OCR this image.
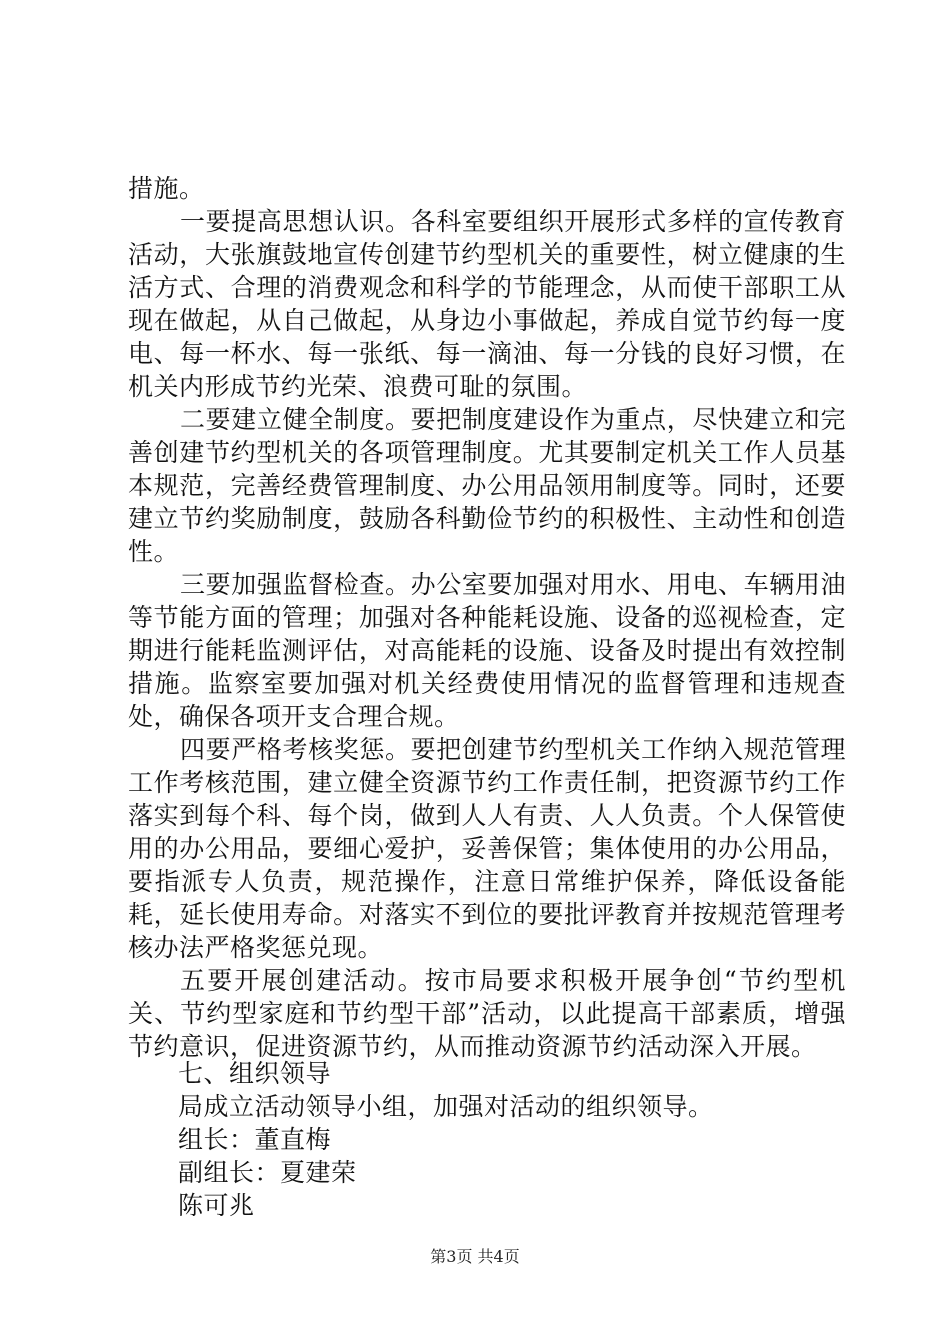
措施。

一要提高思想认识。各科室要组织开展形式多样的宣传教育活动，大张旗鼓地宣传创建节约型机关的重要性，树立健康的生活方式、合理的消费观念和科学的节能理念，从而使干部职工从现在做起，从自己做起，从身边小事做起，养成自觉节约每一度电、每一杯水、每一张纸、每一滴油、每一分钱的良好习惯，在机关内形成节约光荣、浪费可耻的氛围。

二要建立健全制度。要把制度建设作为重点，尽快建立和完善创建节约型机关的各项管理制度。尤其要制定机关工作人员基本规范，完善经费管理制度、办公用品领用制度等。同时，还要建立节约奖励制度，鼓励各科勤俭节约的积极性、主动性和创造性。

三要加强监督检查。办公室要加强对用水、用电、车辆用油等节能方面的管理；加强对各种能耗设施、设备的巡视检查，定期进行能耗监测评估，对高能耗的设施、设备及时提出有效控制措施。监察室要加强对机关经费使用情况的监督管理和违规查处，确保各项开支合理合规。

四要严格考核奖惩。要把创建节约型机关工作纳入规范管理工作考核范围，建立健全资源节约工作责任制，把资源节约工作落实到每个科、每个岗，做到人人有责、人人负责。个人保管使用的办公用品，要细心爱护，妥善保管；集体使用的办公用品，要指派专人负责，规范操作，注意日常维护保养，降低设备能耗，延长使用寿命。对落实不到位的要批评教育并按规范管理考核办法严格奖惩兑现。

五要开展创建活动。按市局要求积极开展争创“节约型机关、节约型家庭和节约型干部”活动，以此提高干部素质，增强节约意识，促进资源节约，从而推动资源节约活动深入开展。

七、组织领导

局成立活动领导小组，加强对活动的组织领导。

组长：董直梅

副组长：夏建荣

陈可兆

第3页 共4页
